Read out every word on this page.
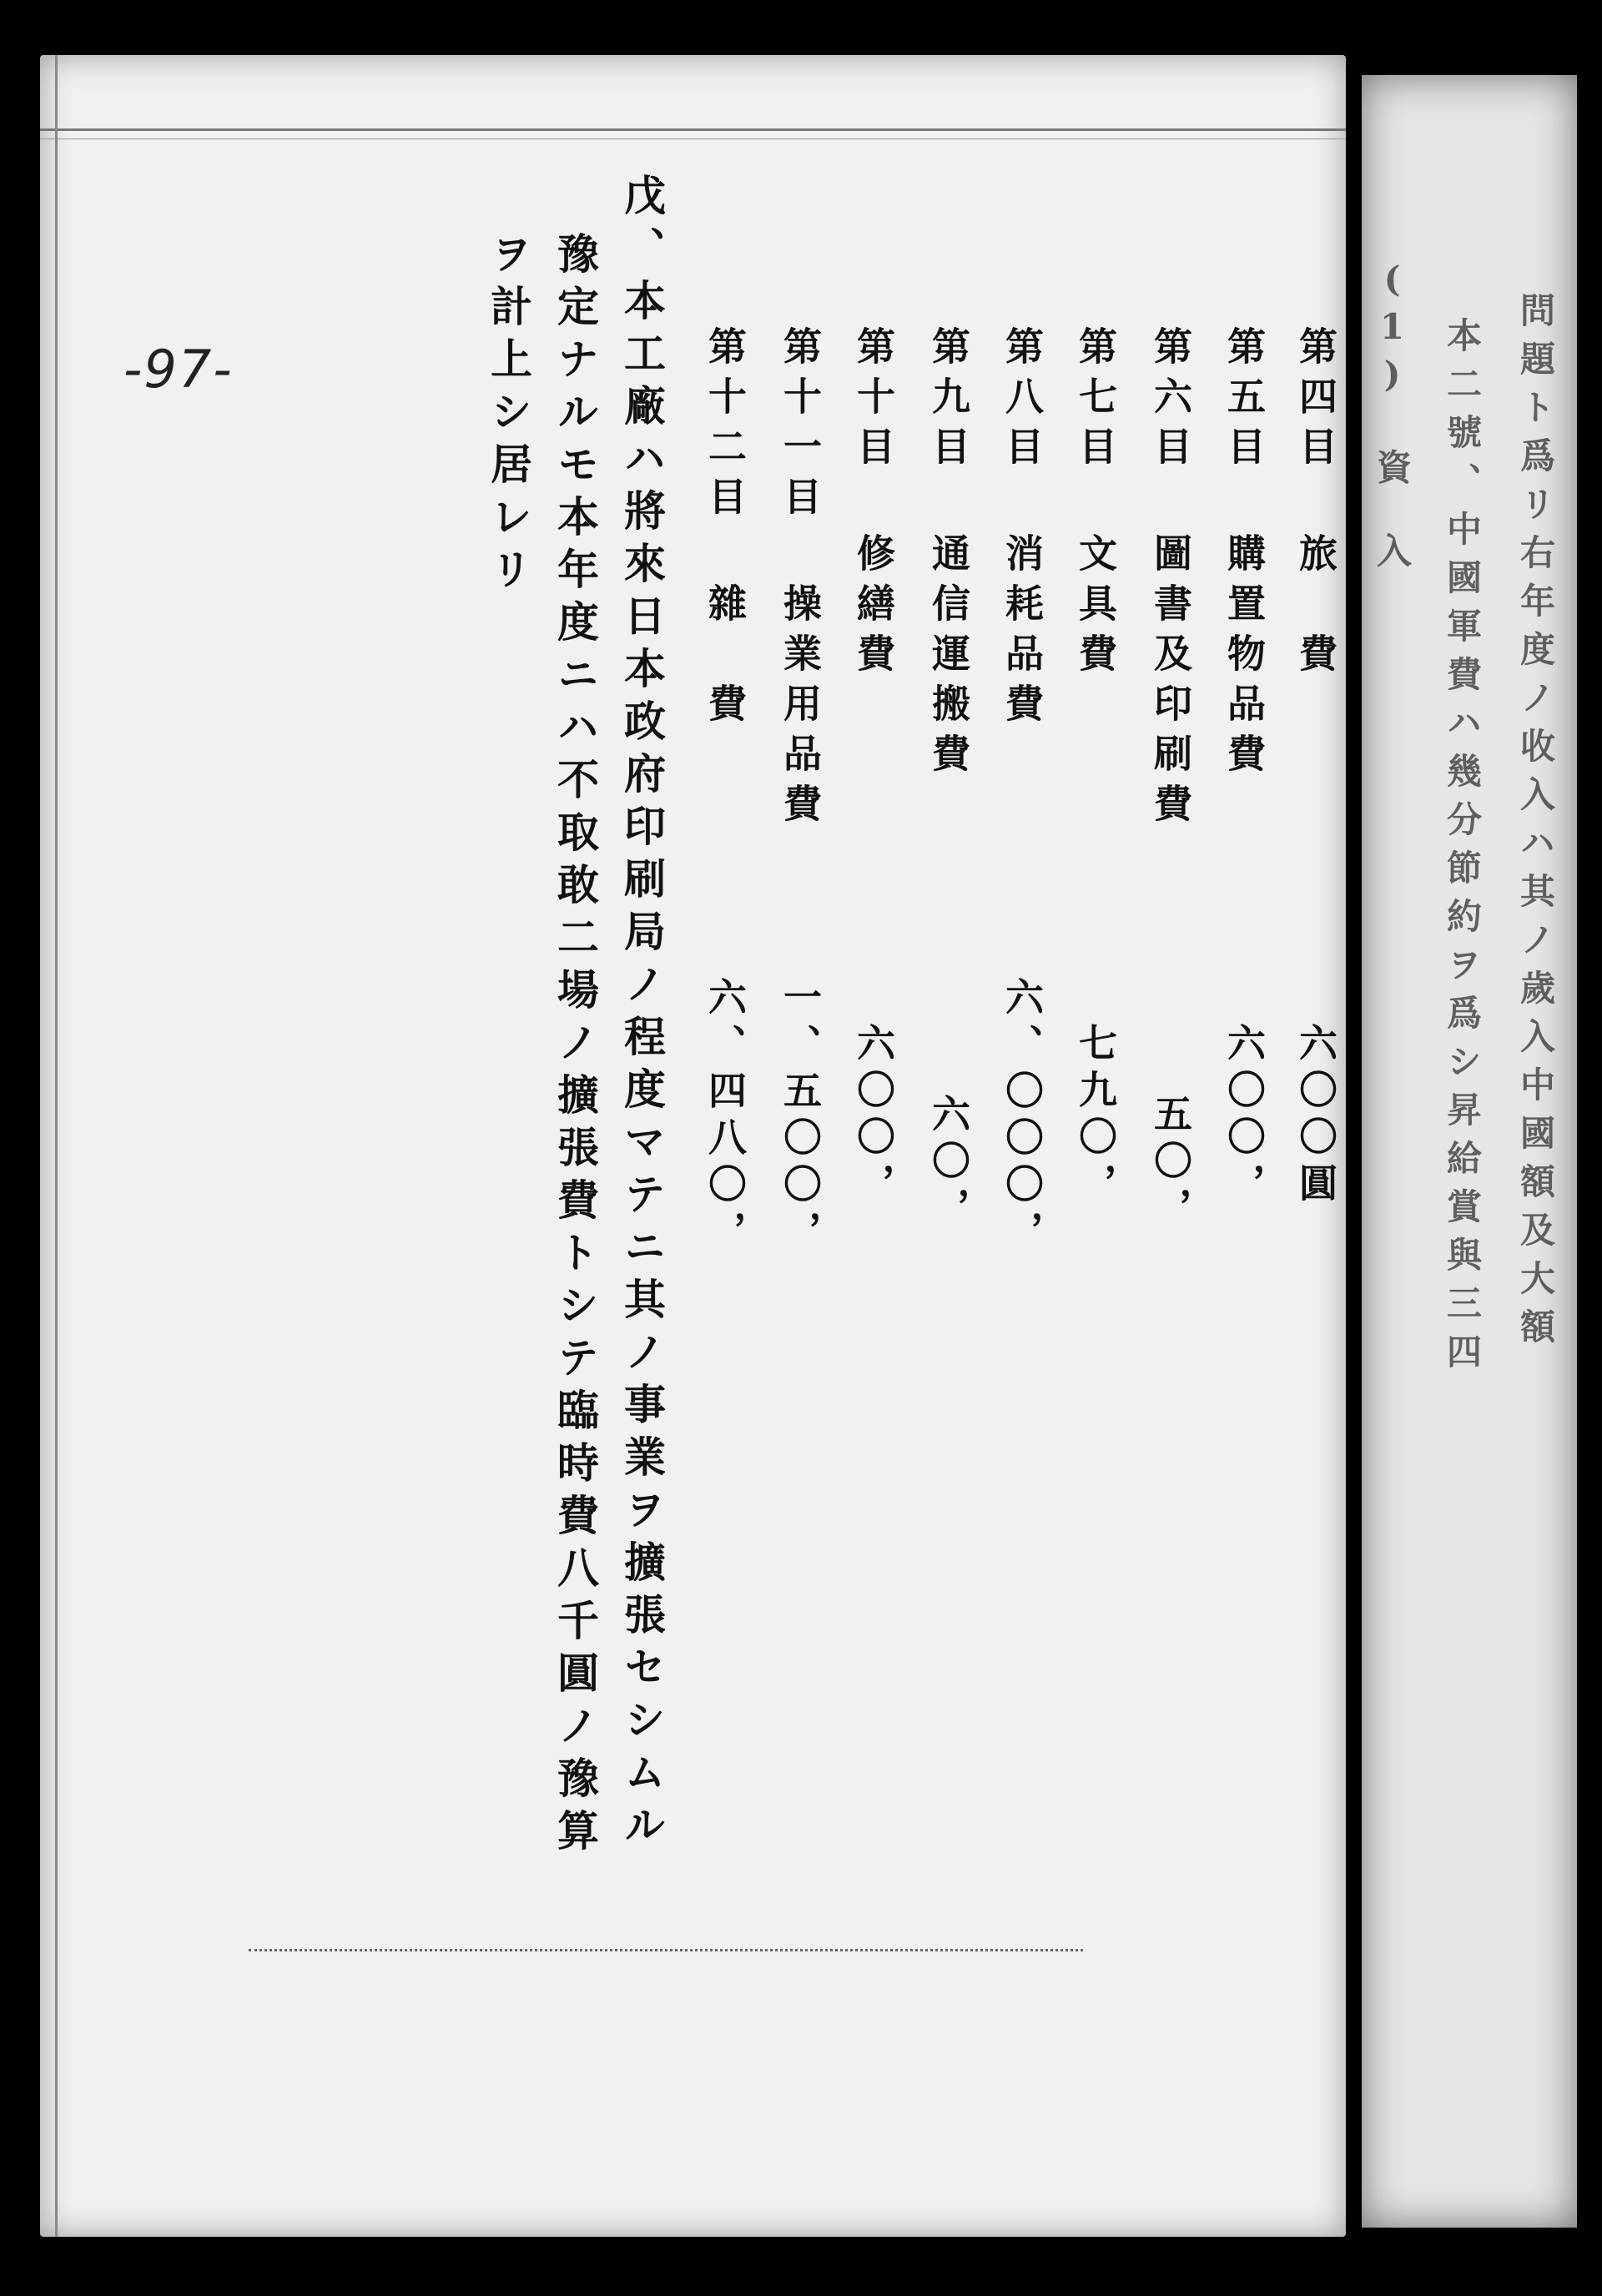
-97-	第四目 旅　費
第五目 購置物品費
第六目 圖書及印刷費
第七目 文具費
第八目 消耗品費
第九目 通信運搬費
第十目 修繕費
第十一目 操業用品費
第十二目 雜　費
六〇〇圓
六〇〇，
五〇，
七九〇，
六、〇〇〇，
六〇，
六〇〇，
一、五〇〇，
六、四八〇，
戊、本工廠ハ將來日本政府印刷局ノ程度マテニ其ノ事業ヲ擴張セシムル
豫定ナルモ本年度ニハ不取敢二場ノ擴張費トシテ臨時費八千圓ノ豫算
ヲ計上シ居レリ	問題ト爲リ右年度ノ收入ハ其ノ歲入中國額及大額
本二號、中國軍費ハ幾分節約ヲ爲シ昇給賞與三四
(1) 資　入
